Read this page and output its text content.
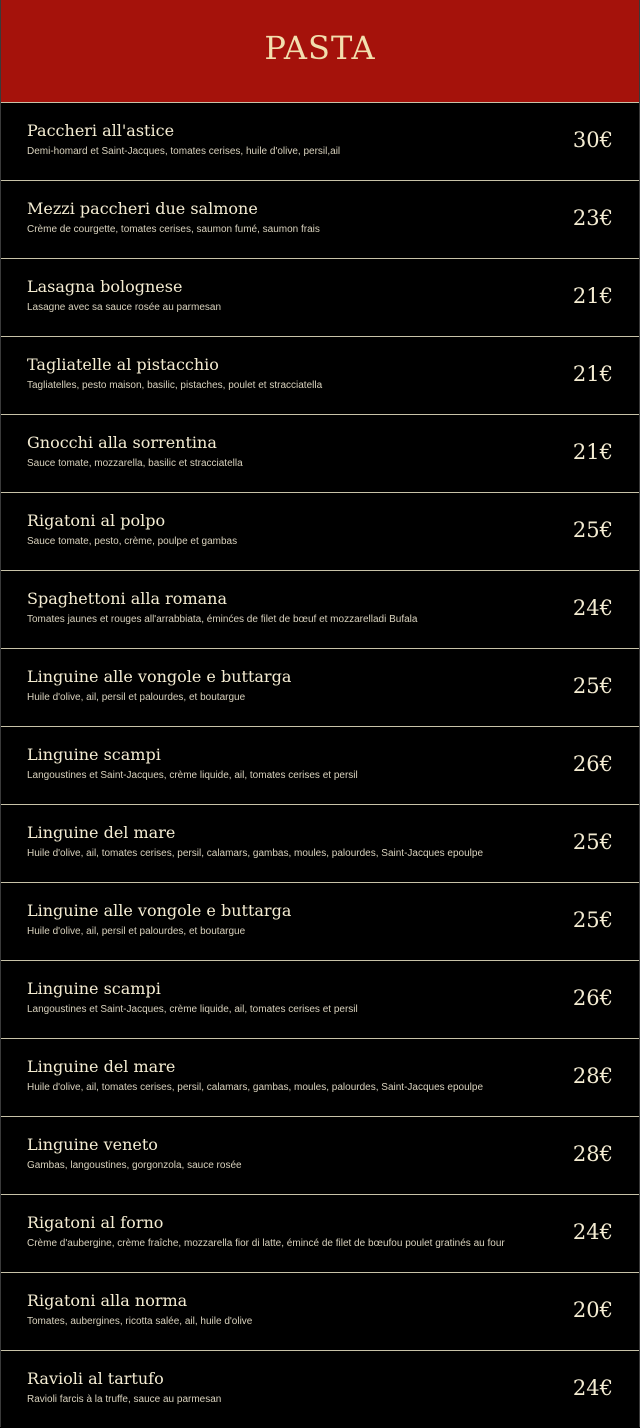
PASTA
Paccheri all'astice
Demi-homard et Saint-Jacques, tomates cerises, huile d'olive, persil,ail	30€
Mezzi paccheri due salmone
Crème de courgette, tomates cerises, saumon fumé, saumon frais	23€
Lasagna bolognese
Lasagne avec sa sauce rosée au parmesan	21€
Tagliatelle al pistacchio
Tagliatelles, pesto maison, basilic, pistaches, poulet et stracciatella	21€
Gnocchi alla sorrentina
Sauce tomate, mozzarella, basilic et stracciatella	21€
Rigatoni al polpo
Sauce tomate, pesto, crème, poulpe et gambas	25€
Spaghettoni alla romana
Tomates jaunes et rouges all'arrabbiata, éminćes de filet de bœuf et mozzarelladi Bufala	24€
Linguine alle vongole e buttarga
Huile d'olive, ail, persil et palourdes, et boutargue	25€
Linguine scampi
Langoustines et Saint-Jacques, crème liquide, ail, tomates cerises et persil	26€
Linguine del mare
Huile d'olive, ail, tomates cerises, persil, calamars, gambas, moules, palourdes, Saint-Jacques epoulpe	25€
Linguine alle vongole e buttarga
Huile d'olive, ail, persil et palourdes, et boutargue	25€
Linguine scampi
Langoustines et Saint-Jacques, crème liquide, ail, tomates cerises et persil	26€
Linguine del mare
Huile d'olive, ail, tomates cerises, persil, calamars, gambas, moules, palourdes, Saint-Jacques epoulpe	28€
Linguine veneto
Gambas, langoustines, gorgonzola, sauce rosée	28€
Rigatoni al forno
Crème d'aubergine, crème fraîche, mozzarella fior di latte, émincé de filet de bœufou poulet gratinés au four	24€
Rigatoni alla norma
Tomates, aubergines, ricotta salée, ail, huile d'olive	20€
Ravioli al tartufo
Ravioli farcis à la truffe, sauce au parmesan	24€
